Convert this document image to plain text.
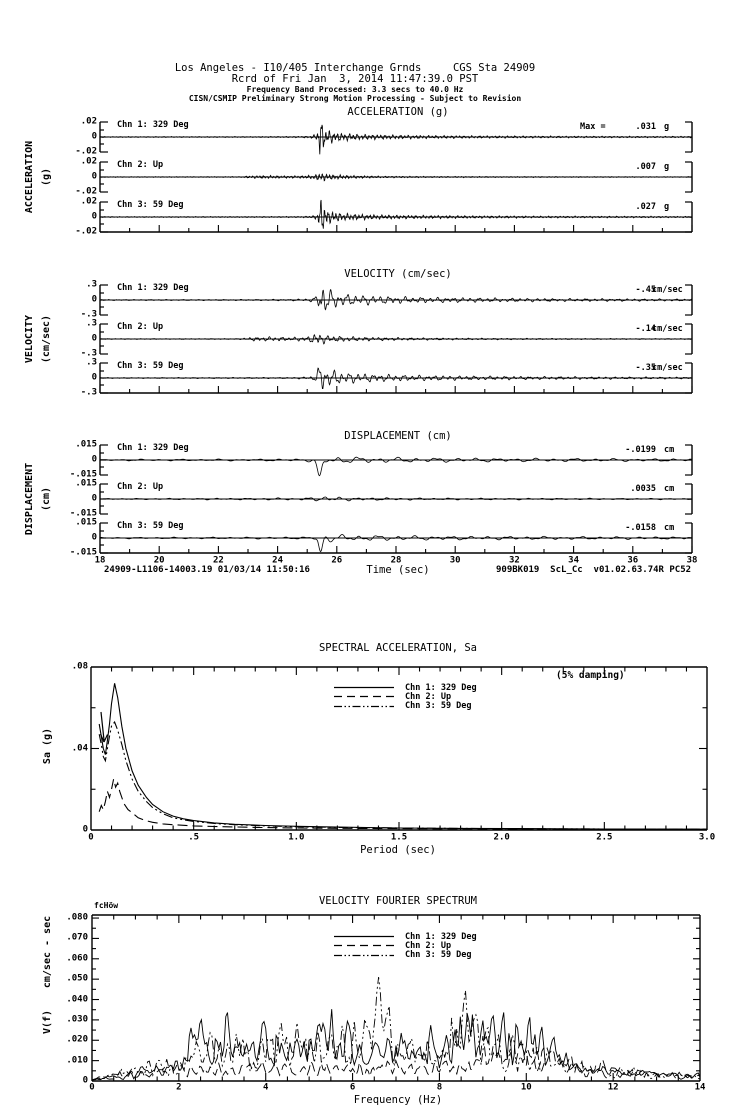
.02
0
-.02
.02
0
-.02
.02
0
-.02
.3
0
-.3
.3
0
-.3
.3
0
-.3
.015
0
-.015
.015
0
-.015
.015
0
-.015
18	20	22	24	26	28	30	32	34	36	38
0	.5	1.0	1.5	2.0	2.5	3.0
0
.04
.08
0	2	4	6	8	10	12	14
.080
.070
.060
.050
.040
.030
.020
.010
0
Los Angeles - I10/405 Interchange Grnds     CGS Sta 24909
Rcrd of Fri Jan  3, 2014 11:47:39.0 PST
Frequency Band Processed: 3.3 secs to 40.0 Hz
CISN/CSMIP Preliminary Strong Motion Processing - Subject to Revision
ACCELERATION (g)
VELOCITY (cm/sec)
DISPLACEMENT (cm)
SPECTRAL ACCELERATION, Sa
VELOCITY FOURIER SPECTRUM
ACCELERATION (g)
VELOCITY (cm/sec)
DISPLACEMENT (cm)
Sa (g)
cm/sec - sec
V(f)
Chn 1: 329 Deg
Chn 2: Up
Chn 3: 59 Deg
Chn 1: 329 Deg
Chn 2: Up
Chn 3: 59 Deg
Chn 1: 329 Deg
Chn 2: Up
Chn 3: 59 Deg
Max =	.031 g
.007 g
.027 g
-.45
cm/sec
-.14
cm/sec
-.35
cm/sec
-.0199 cm
.0035 cm
-.0158 cm
Time (sec)
24909-L1106-14003.19 01/03/14 11:50:16	909BK019  ScL_Cc  v01.02.63.74R PC52
(5% damping)
Period (sec)
Chn 1: 329 Deg
Chn 2: Up
Chn 3: 59 Deg
fcHöw
Frequency (Hz)
Chn 1: 329 Deg
Chn 2: Up
Chn 3: 59 Deg
